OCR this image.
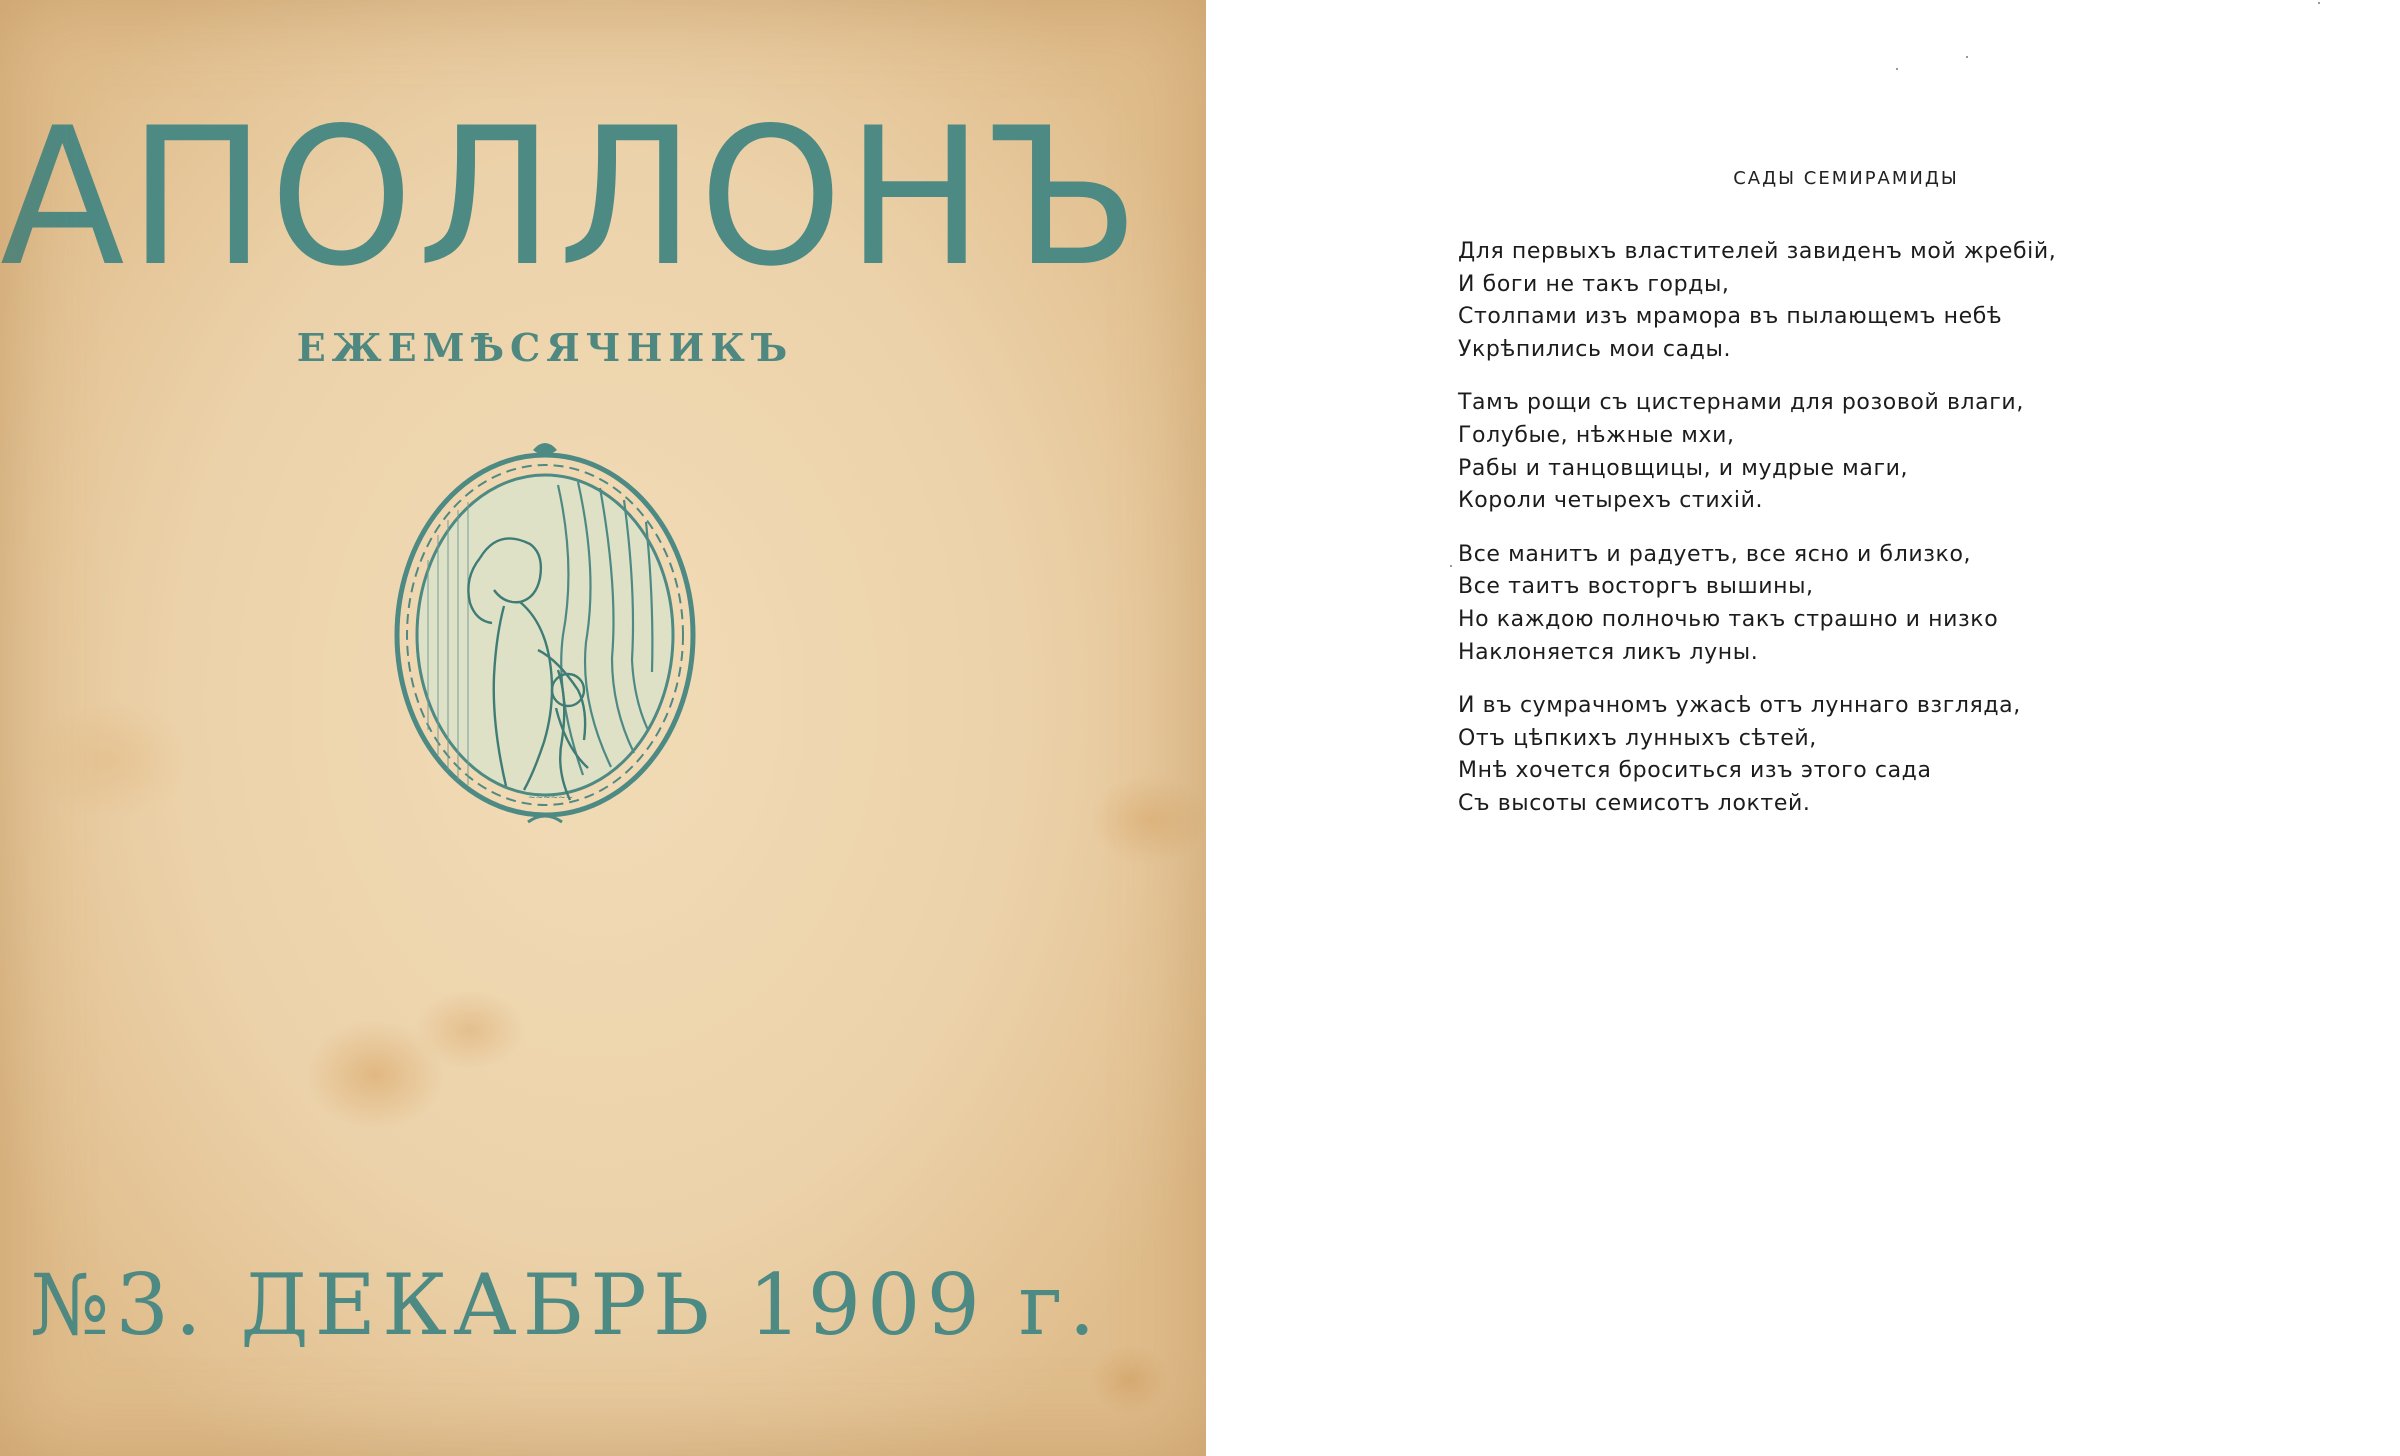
АПОЛЛОНЪ
ЕЖЕМѢСЯЧНИКЪ
~~~~~~
№3. ДЕКАБРЬ 1909 г.
САДЫ СЕМИРАМИДЫ
Для первыхъ властителей завиденъ мой жребій,
И боги не такъ горды,
Столпами изъ мрамора въ пылающемъ небѣ
Укрѣпились мои сады.
Тамъ рощи съ цистернами для розовой влаги,
Голубые, нѣжные мхи,
Рабы и танцовщицы, и мудрые маги,
Короли четырехъ стихій.
Все манитъ и радуетъ, все ясно и близко,
Все таитъ восторгъ вышины,
Но каждою полночью такъ страшно и низко
Наклоняется ликъ луны.
И въ сумрачномъ ужасѣ отъ луннаго взгляда,
Отъ цѣпкихъ лунныхъ сѣтей,
Мнѣ хочется броситься изъ этого сада
Съ высоты семисотъ локтей.
